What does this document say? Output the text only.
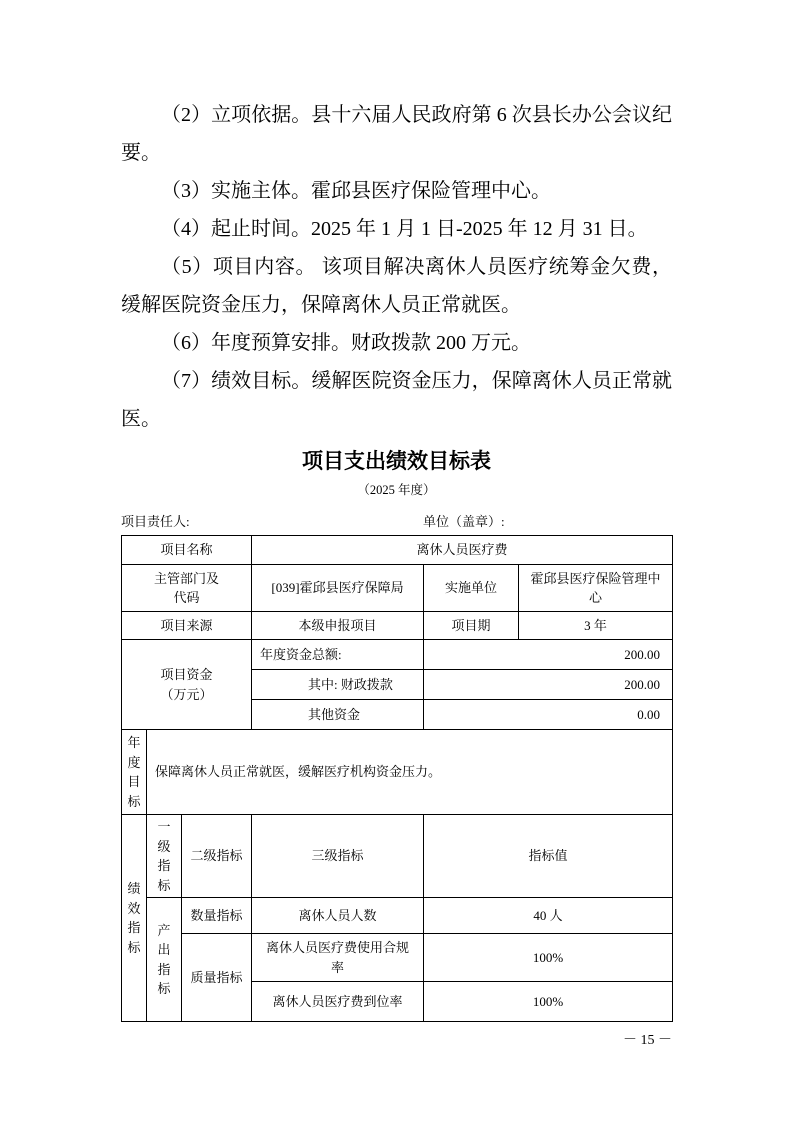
（2）立项依据。县十六届人民政府第 6 次县长办公会议纪要。

（3）实施主体。霍邱县医疗保险管理中心。

（4）起止时间。2025 年 1 月 1 日-2025 年 12 月 31 日。

（5）项目内容。 该项目解决离休人员医疗统筹金欠费，缓解医院资金压力，保障离休人员正常就医。

（6）年度预算安排。财政拨款 200 万元。

（7）绩效目标。缓解医院资金压力，保障离休人员正常就医。

项目支出绩效目标表
（2025 年度）
项目责任人:	单位（盖章）:
项目名称			离休人员医疗费		
主管部门及
代码			[039]霍邱县医疗保障局	实施单位	霍邱县医疗保险管理中心
项目来源			本级申报项目	项目期	3 年
项目资金
（万元）			年度资金总额:	200.00	
			其中: 财政拨款	200.00	
			其他资金	0.00	
年
度
目
标	保障离休人员正常就医，缓解医疗机构资金压力。				
绩
效
指
标	一
级
指
标	二级指标	三级指标	指标值	
	产
出
指
标	数量指标	离休人员人数	40 人	
		质量指标	离休人员医疗费使用合规率	100%	
			离休人员医疗费到位率	100%	
－ 15 －
